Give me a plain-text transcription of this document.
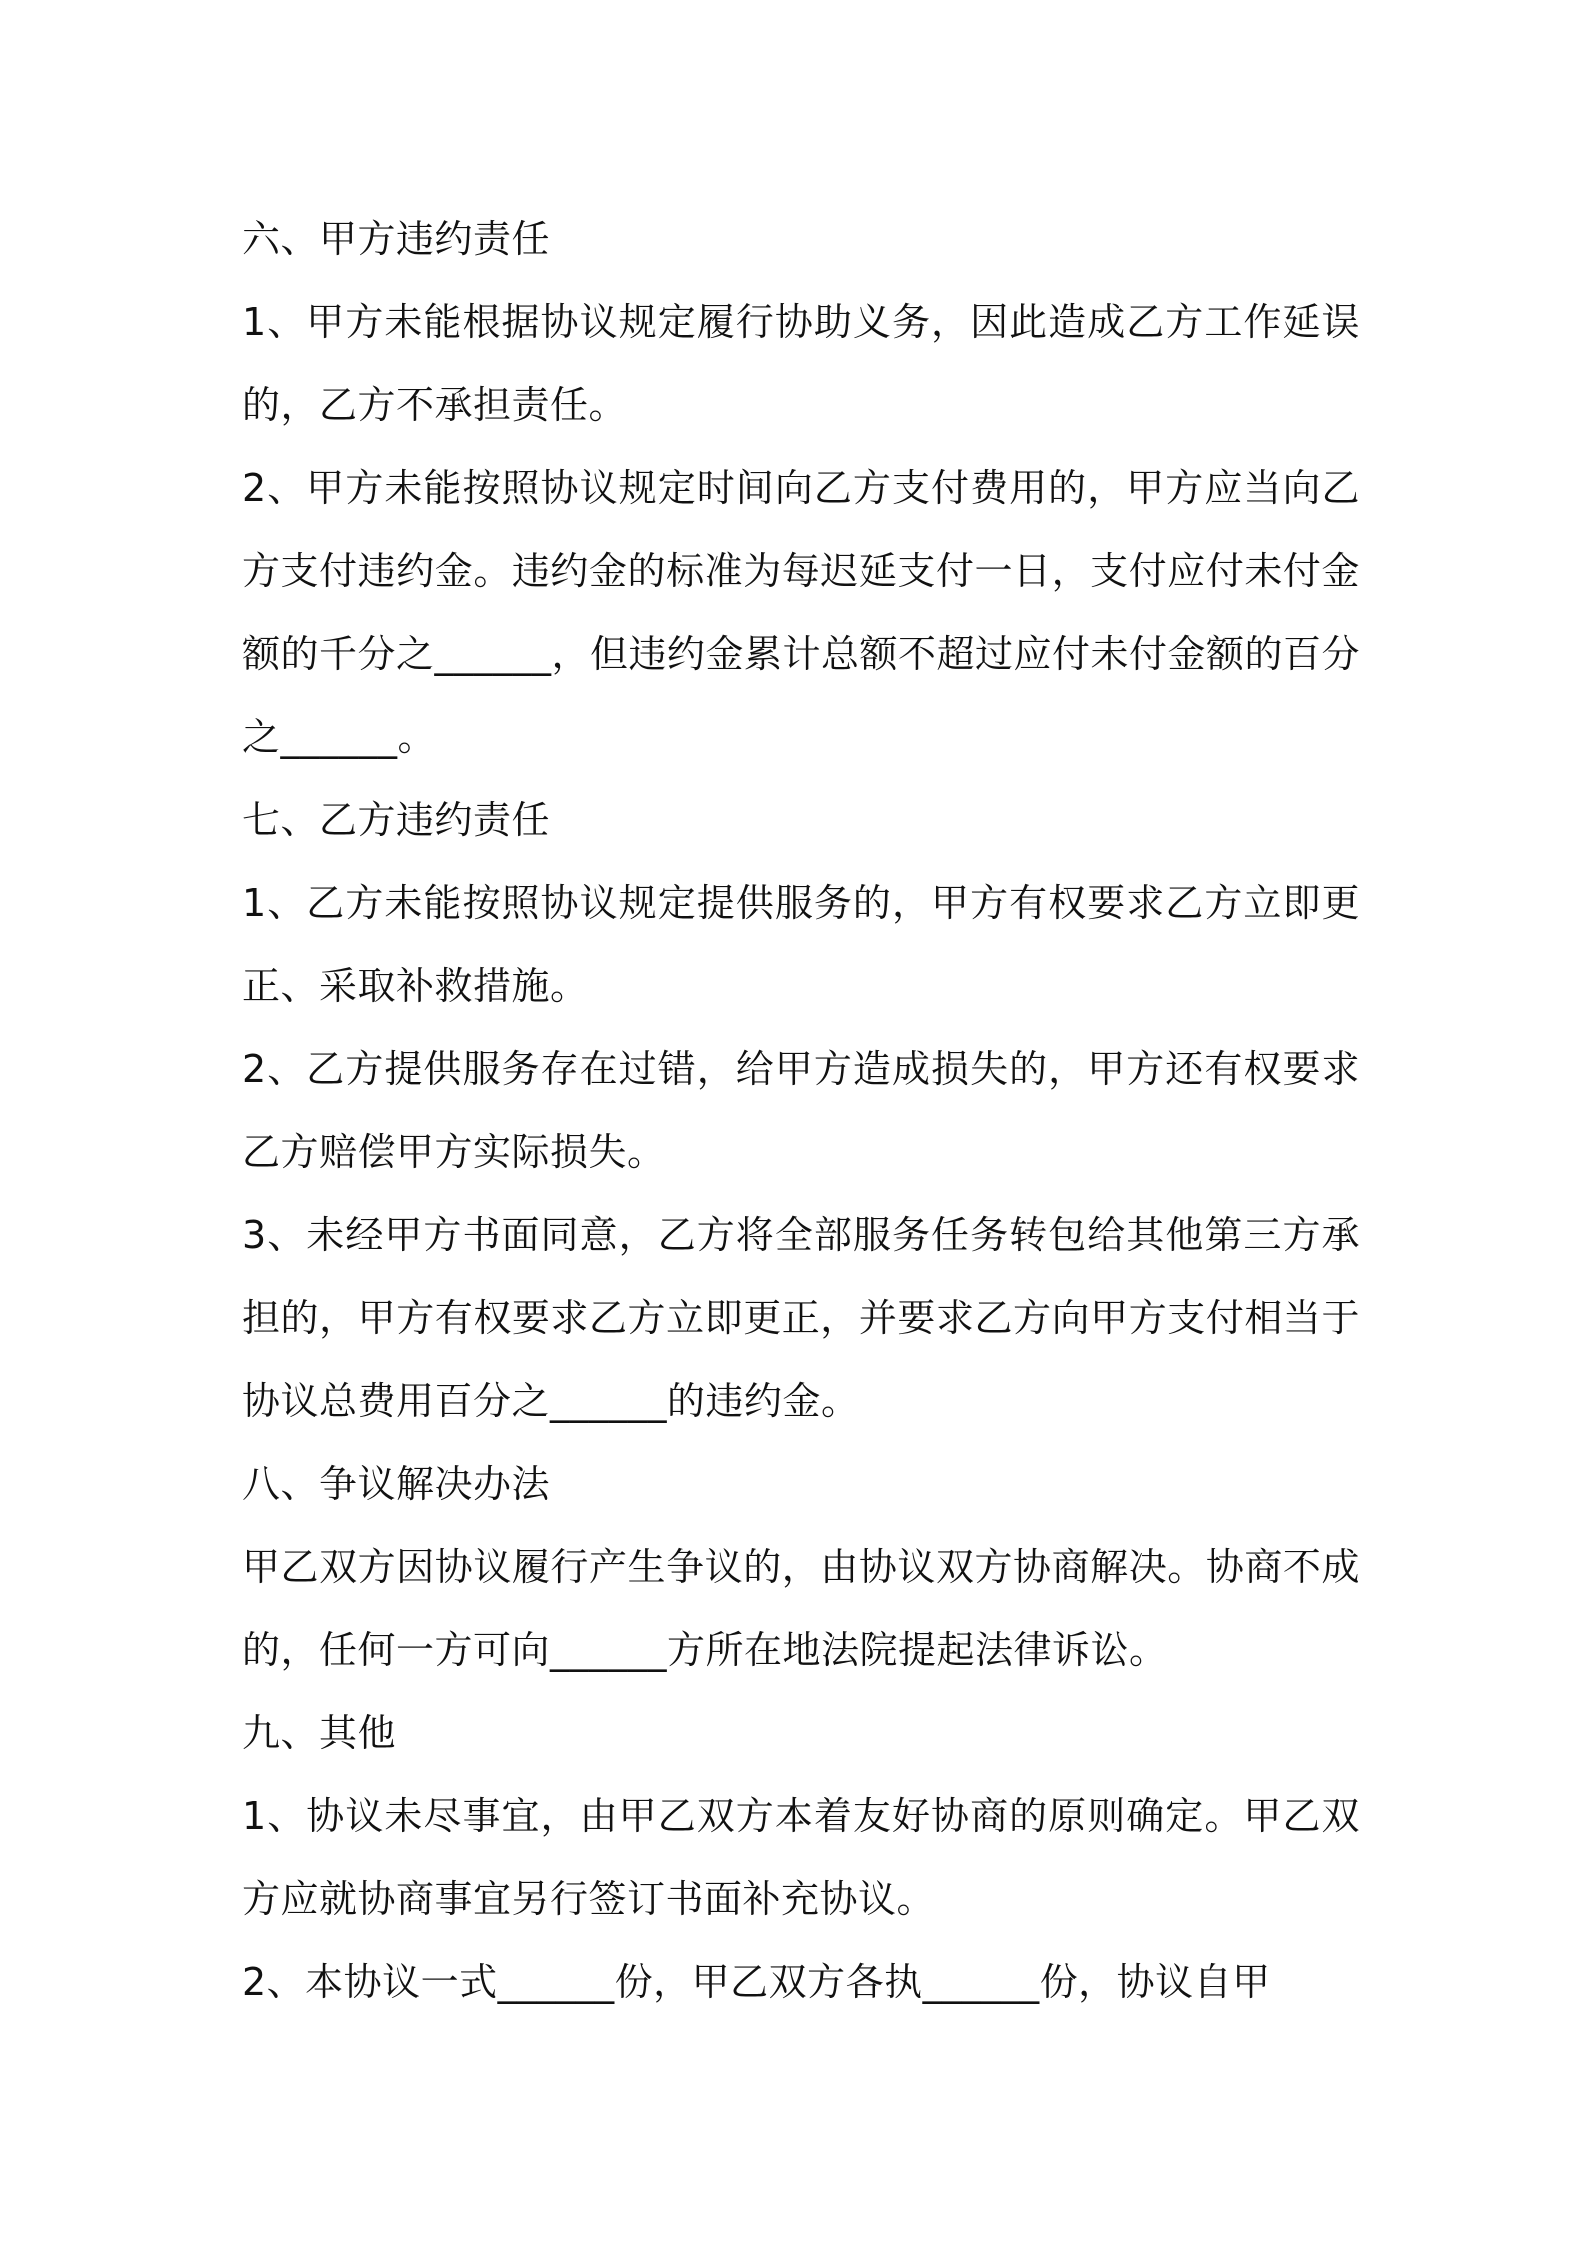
六、甲方违约责任

1、甲方未能根据协议规定履行协助义务，因此造成乙方工作延误的，乙方不承担责任。

2、甲方未能按照协议规定时间向乙方支付费用的，甲方应当向乙方支付违约金。违约金的标准为每迟延支付一日，支付应付未付金额的千分之______，但违约金累计总额不超过应付未付金额的百分之______。

七、乙方违约责任

1、乙方未能按照协议规定提供服务的，甲方有权要求乙方立即更正、采取补救措施。

2、乙方提供服务存在过错，给甲方造成损失的，甲方还有权要求乙方赔偿甲方实际损失。

3、未经甲方书面同意，乙方将全部服务任务转包给其他第三方承担的，甲方有权要求乙方立即更正，并要求乙方向甲方支付相当于协议总费用百分之______的违约金。

八、争议解决办法

甲乙双方因协议履行产生争议的，由协议双方协商解决。协商不成的，任何一方可向______方所在地法院提起法律诉讼。

九、其他

1、协议未尽事宜，由甲乙双方本着友好协商的原则确定。甲乙双方应就协商事宜另行签订书面补充协议。

2、本协议一式______份，甲乙双方各执______份，协议自甲
